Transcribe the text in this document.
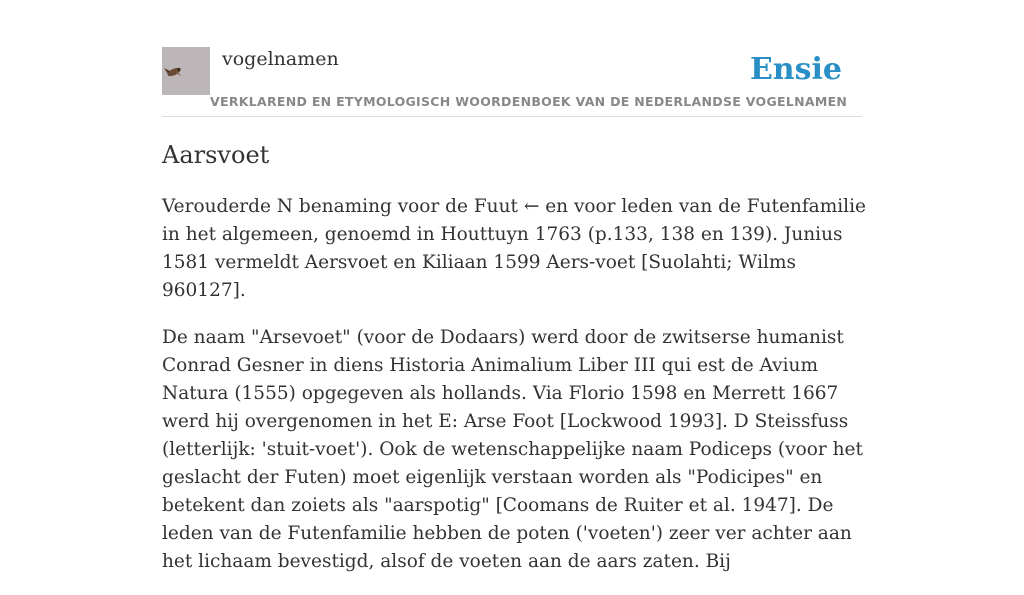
vogelnamen	Ensie
VERKLAREND EN ETYMOLOGISCH WOORDENBOEK VAN DE NEDERLANDSE VOGELNAMEN
Aarsvoet

Verouderde N benaming voor de Fuut ← en voor leden van de Futenfamilie in het algemeen, genoemd in Houttuyn 1763 (p.133, 138 en 139). Junius 1581 vermeldt Aersvoet en Kiliaan 1599 Aers-voet [Suolahti; Wilms 960127].

De naam "Arsevoet" (voor de Dodaars) werd door de zwitserse humanist Conrad Gesner in diens Historia Animalium Liber III qui est de Avium Natura (1555) opgegeven als hollands. Via Florio 1598 en Merrett 1667 werd hij overgenomen in het E: Arse Foot [Lockwood 1993]. D Steissfuss (letterlijk: 'stuit-voet'). Ook de wetenschappelijke naam Podiceps (voor het geslacht der Futen) moet eigenlijk verstaan worden als "Podicipes" en betekent dan zoiets als "aarspotig" [Coomans de Ruiter et al. 1947]. De leden van de Futenfamilie hebben de poten ('voeten') zeer ver achter aan het lichaam bevestigd, alsof de voeten aan de aars zaten. Bij
